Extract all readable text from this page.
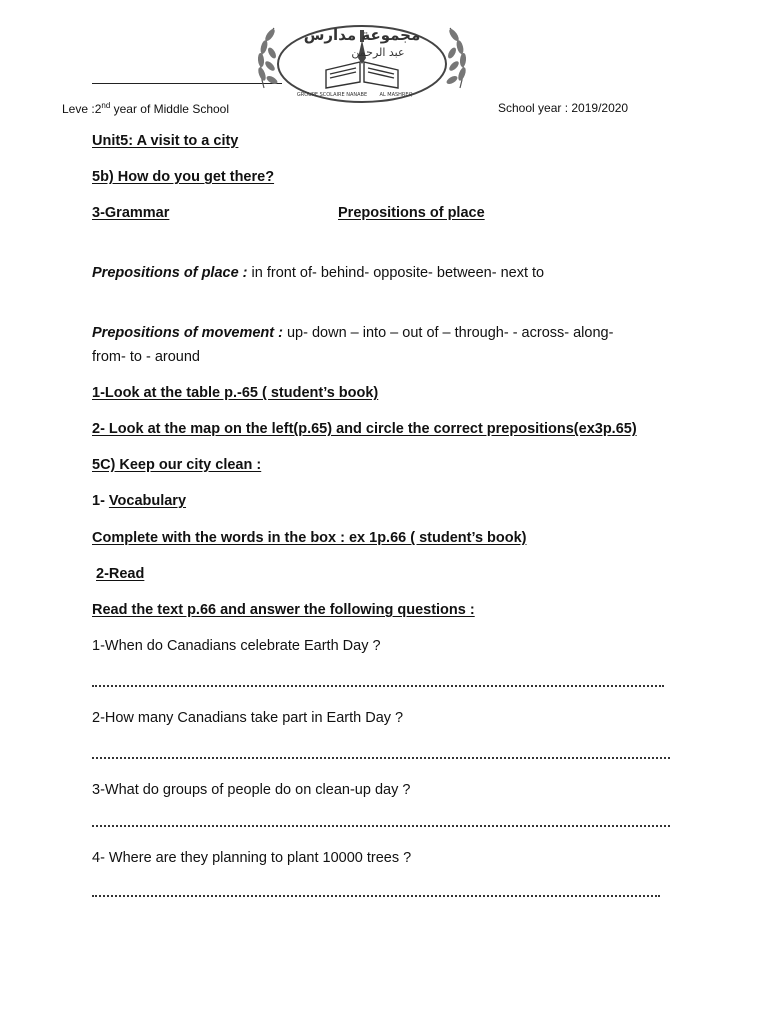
مجموعة مدارس
عبد الرحمن
GROUPE SCOLAIRE NANABE AL MASHREQ
Leve :2nd year of Middle School	School year : 2019/2020
Unit5: A visit to a city
5b) How do you get there?
3-Grammar	Prepositions of place
Prepositions of place : in front of- behind- opposite- between- next to
Prepositions of movement : up- down – into – out of – through- - across- along-
from- to - around
1-Look at the table p.-65 ( student’s book)
2- Look at the map on the left(p.65) and circle the correct prepositions(ex3p.65)
5C) Keep our city clean :
1- Vocabulary
Complete with the words in the box : ex 1p.66 ( student’s book)
2-Read
Read the text p.66 and answer the following questions :
1-When do Canadians celebrate Earth Day ?
2-How many Canadians take part in Earth Day ?
3-What do groups of people do on clean-up day ?
4- Where are they planning to plant 10000 trees ?
